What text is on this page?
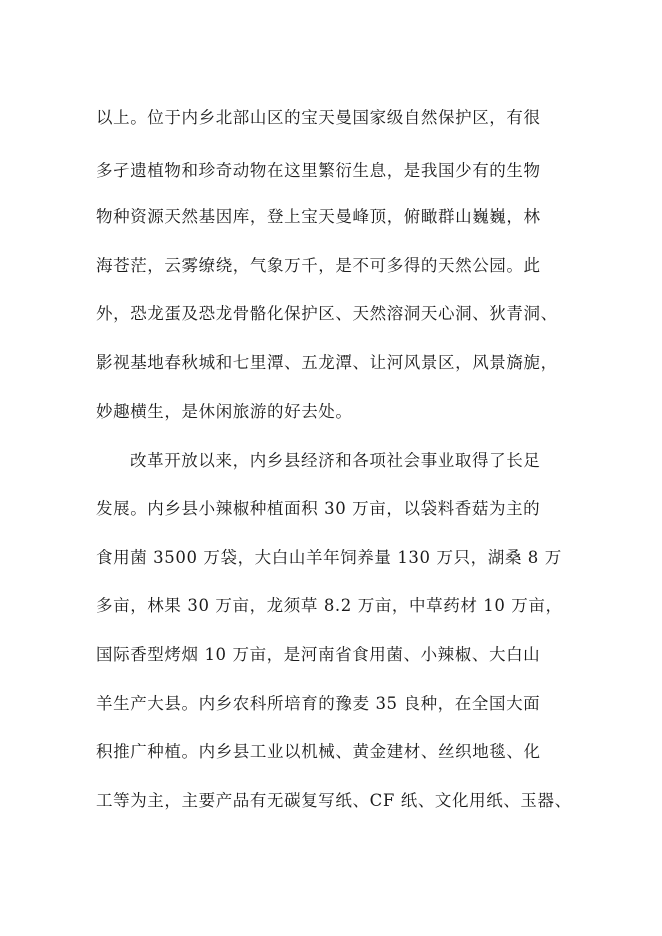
以上。位于内乡北部山区的宝天曼国家级自然保护区，有很
多孑遗植物和珍奇动物在这里繁衍生息，是我国少有的生物
物种资源天然基因库，登上宝天曼峰顶，俯瞰群山巍巍，林
海苍茫，云雾缭绕，气象万千，是不可多得的天然公园。此
外，恐龙蛋及恐龙骨骼化保护区、天然溶洞天心洞、狄青洞、
影视基地春秋城和七里潭、五龙潭、让河风景区，风景旖旎，
妙趣横生，是休闲旅游的好去处。
改革开放以来，内乡县经济和各项社会事业取得了长足
发展。内乡县小辣椒种植面积 30 万亩，以袋料香菇为主的
食用菌 3500 万袋，大白山羊年饲养量 130 万只，湖桑 8 万
多亩，林果 30 万亩，龙须草 8.2 万亩，中草药材 10 万亩，
国际香型烤烟 10 万亩，是河南省食用菌、小辣椒、大白山
羊生产大县。内乡农科所培育的豫麦 35 良种，在全国大面
积推广种植。内乡县工业以机械、黄金建材、丝织地毯、化
工等为主，主要产品有无碳复写纸、CF 纸、文化用纸、玉器、
